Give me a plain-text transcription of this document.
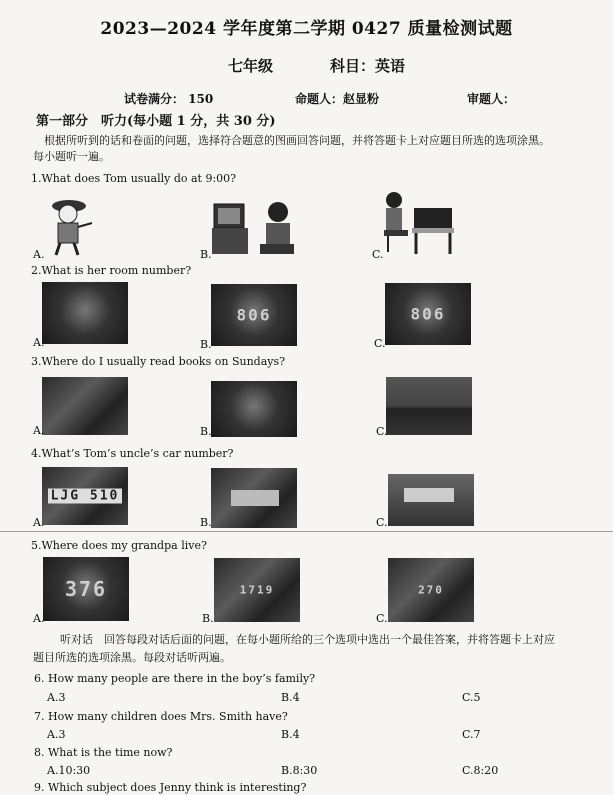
2023—2024 学年度第二学期 0427 质量检测试题
七年级	科目：英语
试卷满分： 150	命题人：赵显粉	审题人：
第一部分　听力(每小题 1 分，共 30 分)
根据所听到的话和卷面的问题，选择符合题意的图画回答问题，并将答题卡上对应题目所选的选项涂黑。
每小题听一遍。
1.What does Tom usually do at 9:00?
A.	B.	C.
2.What is her room number?
A.
806
B.
806
C.
3.Where do I usually read books on Sundays?
A.	B.	C.
4.What’s Tom’s uncle’s car number?
LJG 510
A.	B.	C.
5.Where does my grandpa live?
376
A.
1719
B.
270
C.
听对话　回答每段对话后面的问题，在每小题所给的三个选项中选出一个最佳答案，并将答题卡上对应
题目所选的选项涂黑。每段对话听两遍。
6. How many people are there in the boy’s family?
A.3	B.4	C.5
7. How many children does Mrs. Smith have?
A.3	B.4	C.7
8. What is the time now?
A.10:30	B.8:30	C.8:20
9. Which subject does Jenny think is interesting?
